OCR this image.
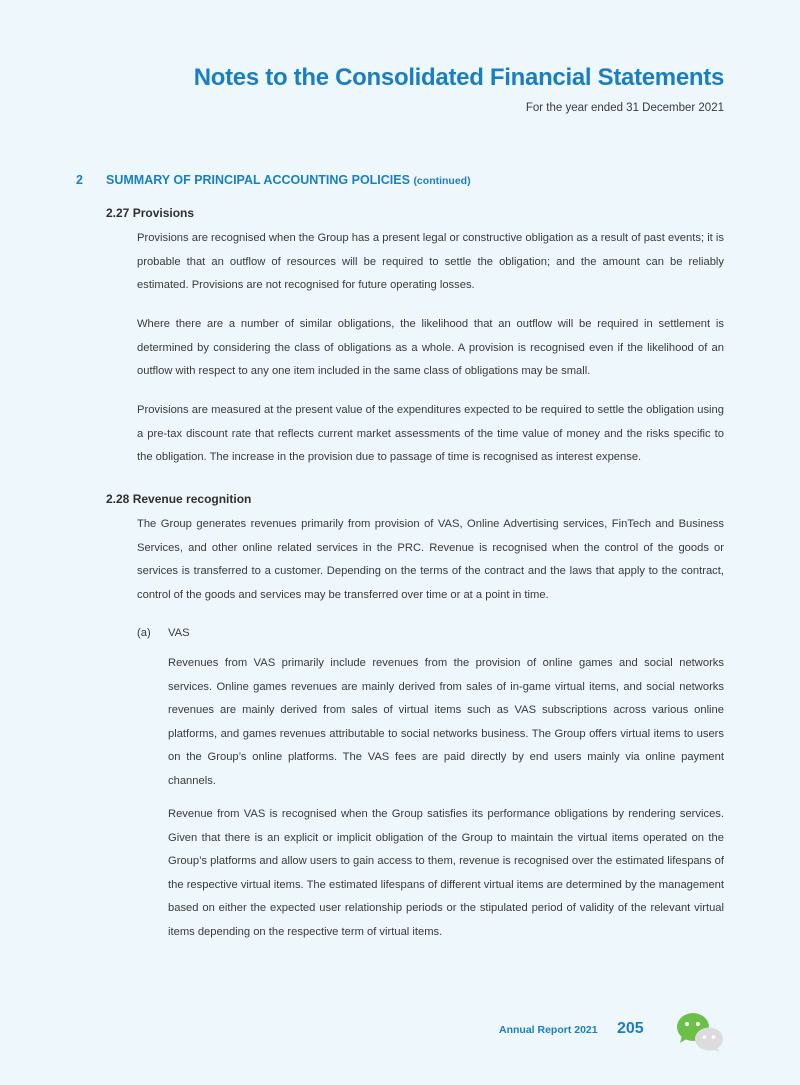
Notes to the Consolidated Financial Statements
For the year ended 31 December 2021
2 SUMMARY OF PRINCIPAL ACCOUNTING POLICIES (continued)
2.27 Provisions

Provisions are recognised when the Group has a present legal or constructive obligation as a result of past events; it is probable that an outflow of resources will be required to settle the obligation; and the amount can be reliably estimated. Provisions are not recognised for future operating losses.

Where there are a number of similar obligations, the likelihood that an outflow will be required in settlement is determined by considering the class of obligations as a whole. A provision is recognised even if the likelihood of an outflow with respect to any one item included in the same class of obligations may be small.

Provisions are measured at the present value of the expenditures expected to be required to settle the obligation using a pre-tax discount rate that reflects current market assessments of the time value of money and the risks specific to the obligation. The increase in the provision due to passage of time is recognised as interest expense.

2.28 Revenue recognition

The Group generates revenues primarily from provision of VAS, Online Advertising services, FinTech and Business Services, and other online related services in the PRC. Revenue is recognised when the control of the goods or services is transferred to a customer. Depending on the terms of the contract and the laws that apply to the contract, control of the goods and services may be transferred over time or at a point in time.

(a) VAS

Revenues from VAS primarily include revenues from the provision of online games and social networks services. Online games revenues are mainly derived from sales of in-game virtual items, and social networks revenues are mainly derived from sales of virtual items such as VAS subscriptions across various online platforms, and games revenues attributable to social networks business. The Group offers virtual items to users on the Group’s online platforms. The VAS fees are paid directly by end users mainly via online payment channels.

Revenue from VAS is recognised when the Group satisfies its performance obligations by rendering services. Given that there is an explicit or implicit obligation of the Group to maintain the virtual items operated on the Group’s platforms and allow users to gain access to them, revenue is recognised over the estimated lifespans of the respective virtual items. The estimated lifespans of different virtual items are determined by the management based on either the expected user relationship periods or the stipulated period of validity of the relevant virtual items depending on the respective term of virtual items.

Annual Report 2021 205
